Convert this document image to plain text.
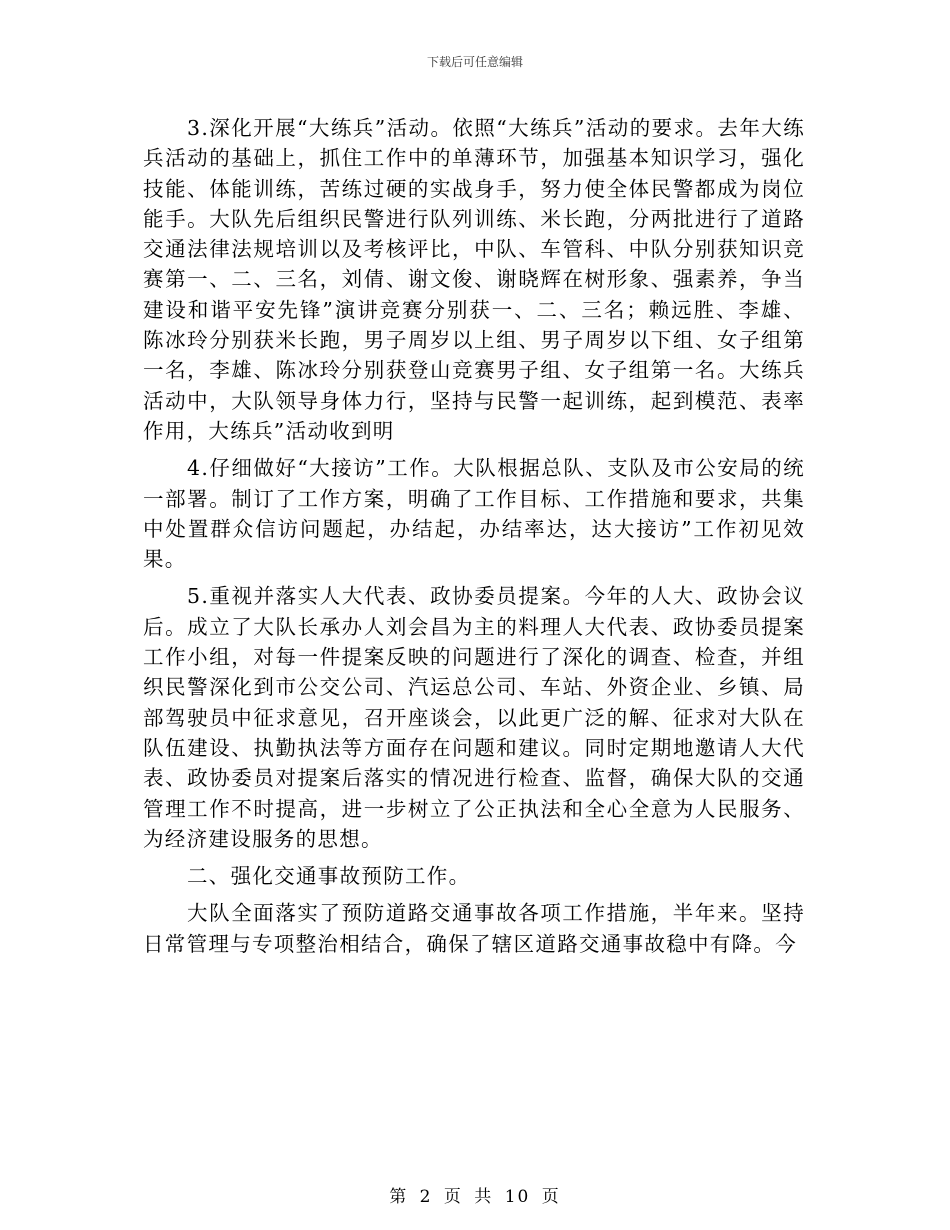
下载后可任意编辑

3.深化开展“大练兵”活动。依照“大练兵”活动的要求。去年大练兵活动的基础上，抓住工作中的单薄环节，加强基本知识学习，强化技能、体能训练，苦练过硬的实战身手，努力使全体民警都成为岗位能手。大队先后组织民警进行队列训练、米长跑，分两批进行了道路交通法律法规培训以及考核评比，中队、车管科、中队分别获知识竞赛第一、二、三名，刘倩、谢文俊、谢晓辉在树形象、强素养，争当建设和谐平安先锋”演讲竞赛分别获一、二、三名；赖远胜、李雄、陈冰玲分别获米长跑，男子周岁以上组、男子周岁以下组、女子组第一名，李雄、陈冰玲分别获登山竞赛男子组、女子组第一名。大练兵活动中，大队领导身体力行，坚持与民警一起训练，起到模范、表率作用，大练兵”活动收到明

4.仔细做好“大接访”工作。大队根据总队、支队及市公安局的统一部署。制订了工作方案，明确了工作目标、工作措施和要求，共集中处置群众信访问题起，办结起，办结率达，达大接访”工作初见效果。

5.重视并落实人大代表、政协委员提案。今年的人大、政协会议后。成立了大队长承办人刘会昌为主的料理人大代表、政协委员提案工作小组，对每一件提案反映的问题进行了深化的调查、检查，并组织民警深化到市公交公司、汽运总公司、车站、外资企业、乡镇、局部驾驶员中征求意见，召开座谈会，以此更广泛的解、征求对大队在队伍建设、执勤执法等方面存在问题和建议。同时定期地邀请人大代表、政协委员对提案后落实的情况进行检查、监督，确保大队的交通管理工作不时提高，进一步树立了公正执法和全心全意为人民服务、为经济建设服务的思想。

二、强化交通事故预防工作。

大队全面落实了预防道路交通事故各项工作措施，半年来。坚持日常管理与专项整治相结合，确保了辖区道路交通事故稳中有降。今

第 2 页 共 10 页
